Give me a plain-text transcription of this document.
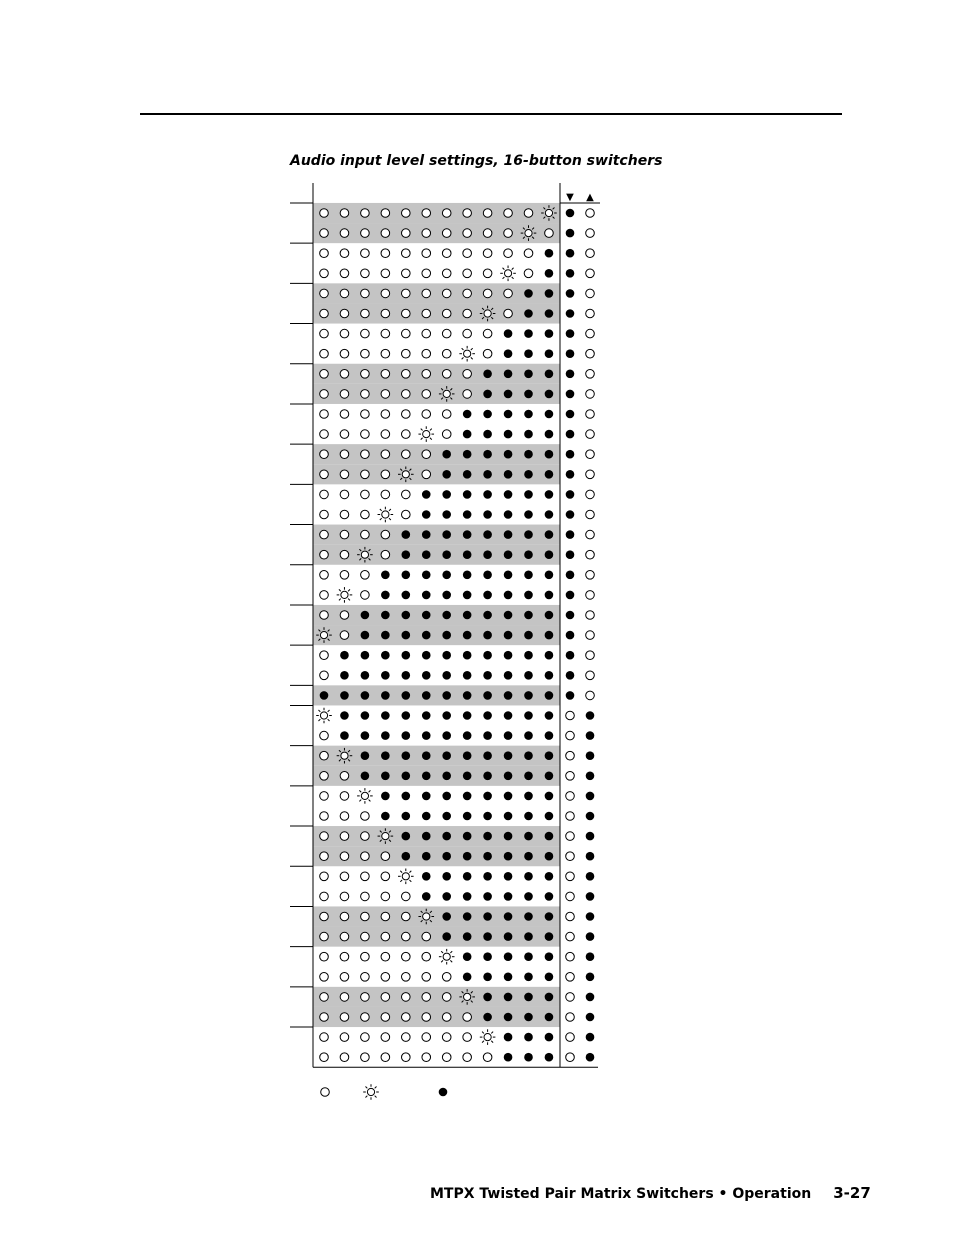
Audio input level settings, 16-button switchers
▼ ▲
MTPX Twisted Pair Matrix Switchers • Operation 3-27
